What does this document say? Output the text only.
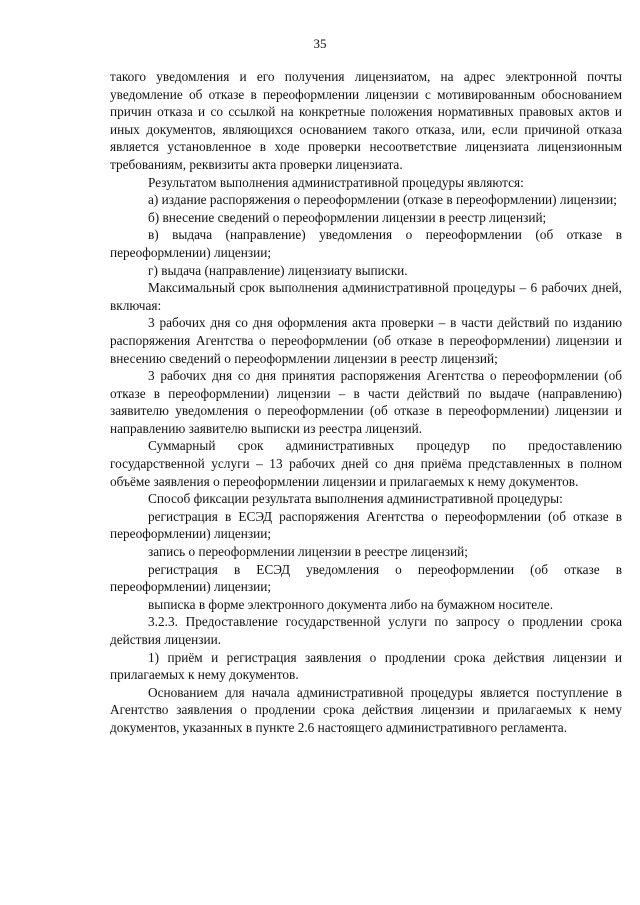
35

такого уведомления и его получения лицензиатом, на адрес электронной почты уведомление об отказе в переоформлении лицензии с мотивированным обоснованием причин отказа и со ссылкой на конкретные положения нормативных правовых актов и иных документов, являющихся основанием такого отказа, или, если причиной отказа является установленное в ходе проверки несоответствие лицензиата лицензионным требованиям, реквизиты акта проверки лицензиата.

Результатом выполнения административной процедуры являются:

а) издание распоряжения о переоформлении (отказе в переоформлении) лицензии;

б) внесение сведений о переоформлении лицензии в реестр лицензий;

в) выдача (направление) уведомления о переоформлении (об отказе в переоформлении) лицензии;

г) выдача (направление) лицензиату выписки.

Максимальный срок выполнения административной процедуры – 6 рабочих дней, включая:

3 рабочих дня со дня оформления акта проверки – в части действий по изданию распоряжения Агентства о переоформлении (об отказе в переоформлении) лицензии и внесению сведений о переоформлении лицензии в реестр лицензий;

3 рабочих дня со дня принятия распоряжения Агентства о переоформлении (об отказе в переоформлении) лицензии – в части действий по выдаче (направлению) заявителю уведомления о переоформлении (об отказе в переоформлении) лицензии и направлению заявителю выписки из реестра лицензий.

Суммарный срок административных процедур по предоставлению государственной услуги – 13 рабочих дней со дня приёма представленных в полном объёме заявления о переоформлении лицензии и прилагаемых к нему документов.

Способ фиксации результата выполнения административной процедуры:

регистрация в ЕСЭД распоряжения Агентства о переоформлении (об отказе в переоформлении) лицензии;

запись о переоформлении лицензии в реестре лицензий;

регистрация в ЕСЭД уведомления о переоформлении (об отказе в переоформлении) лицензии;

выписка в форме электронного документа либо на бумажном носителе.

3.2.3. Предоставление государственной услуги по запросу о продлении срока действия лицензии.

1) приём и регистрация заявления о продлении срока действия лицензии и прилагаемых к нему документов.

Основанием для начала административной процедуры является поступление в Агентство заявления о продлении срока действия лицензии и прилагаемых к нему документов, указанных в пункте 2.6 настоящего административного регламента.
